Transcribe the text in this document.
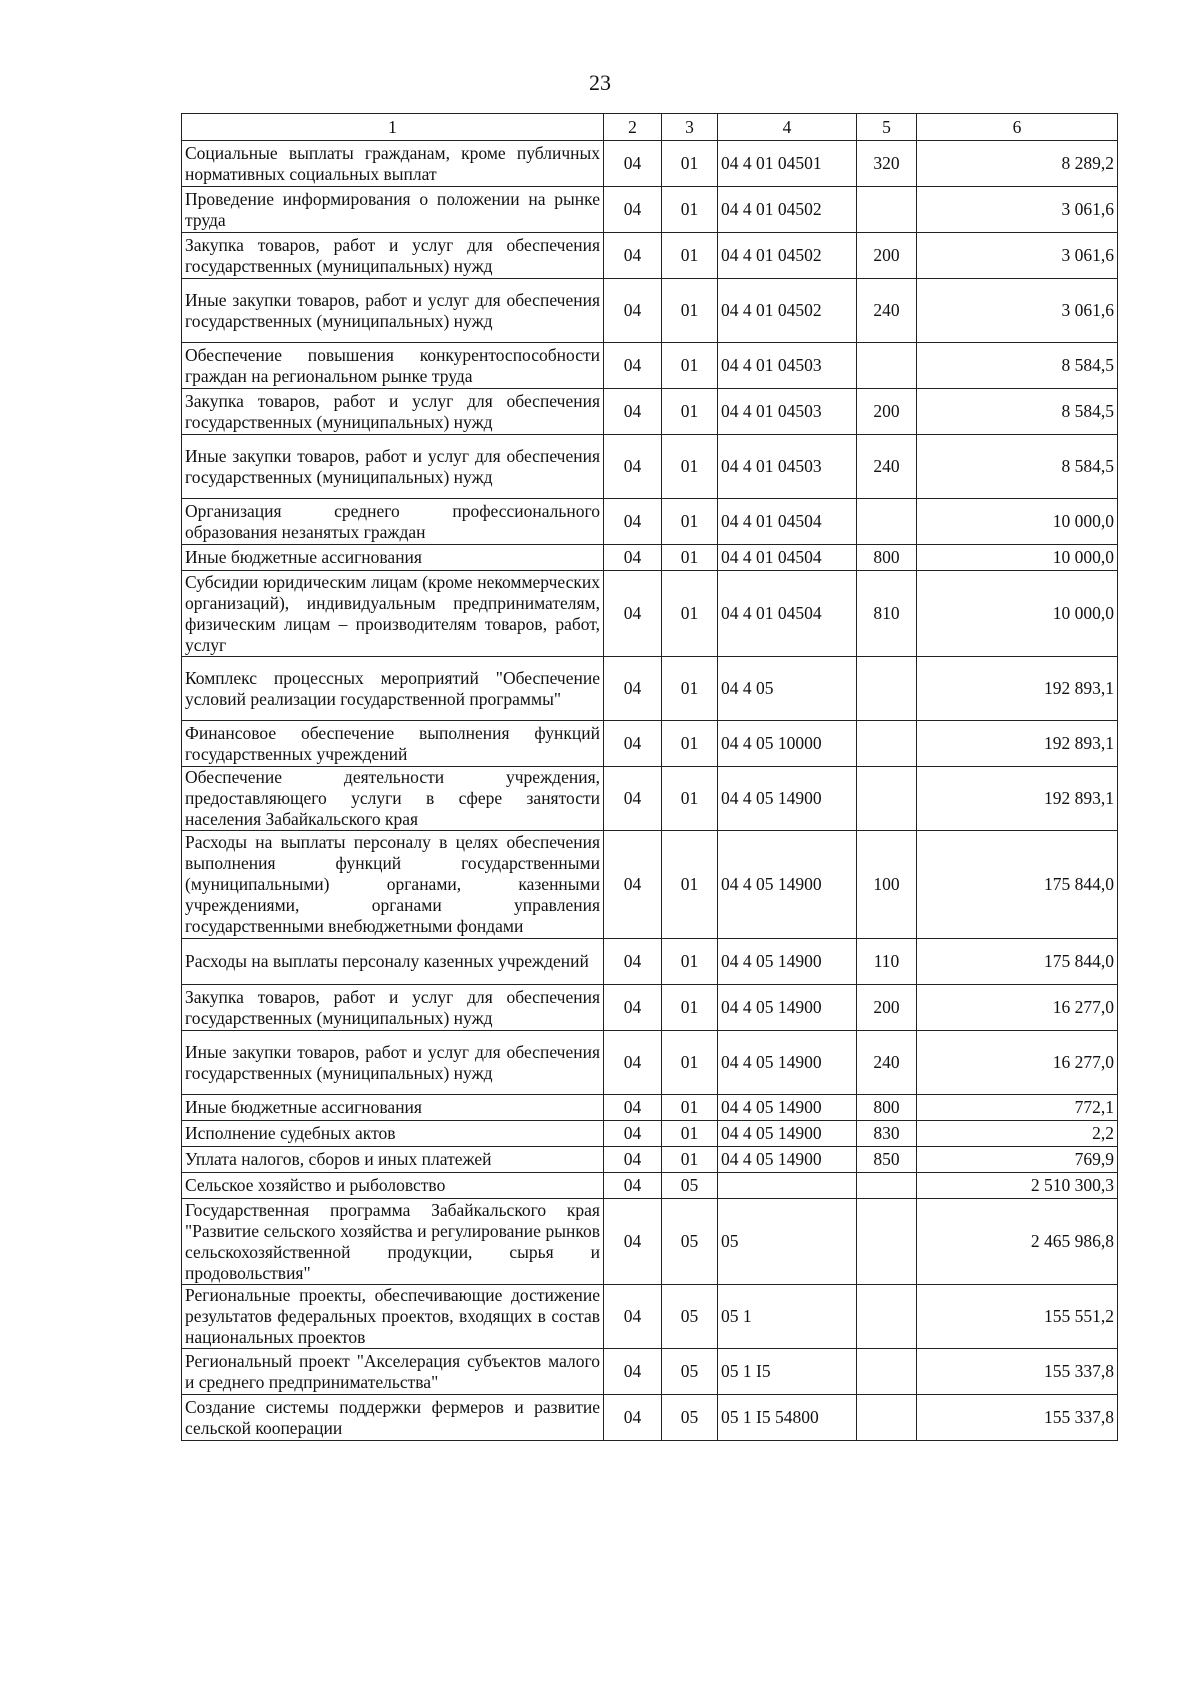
23
1	2	3	4	5	6
Социальные выплаты гражданам, кроме публичных нормативных социальных выплат	04	01	04 4 01 04501	320	8 289,2
Проведение информирования о положении на рынке труда	04	01	04 4 01 04502		3 061,6
Закупка товаров, работ и услуг для обеспечения государственных (муниципальных) нужд	04	01	04 4 01 04502	200	3 061,6
Иные закупки товаров, работ и услуг для обеспечения государственных (муниципальных) нужд	04	01	04 4 01 04502	240	3 061,6
Обеспечение повышения конкурентоспособности граждан на региональном рынке труда	04	01	04 4 01 04503		8 584,5
Закупка товаров, работ и услуг для обеспечения государственных (муниципальных) нужд	04	01	04 4 01 04503	200	8 584,5
Иные закупки товаров, работ и услуг для обеспечения государственных (муниципальных) нужд	04	01	04 4 01 04503	240	8 584,5
Организация среднего профессионального образования незанятых граждан	04	01	04 4 01 04504		10 000,0
Иные бюджетные ассигнования	04	01	04 4 01 04504	800	10 000,0
Субсидии юридическим лицам (кроме некоммерческих организаций), индивидуальным предпринимателям, физическим лицам – производителям товаров, работ, услуг	04	01	04 4 01 04504	810	10 000,0
Комплекс процессных мероприятий "Обеспечение условий реализации государственной программы"	04	01	04 4 05		192 893,1
Финансовое обеспечение выполнения функций государственных учреждений	04	01	04 4 05 10000		192 893,1
Обеспечение деятельности учреждения, предоставляющего услуги в сфере занятости населения Забайкальского края	04	01	04 4 05 14900		192 893,1
Расходы на выплаты персоналу в целях обеспечения выполнения функций государственными (муниципальными) органами, казенными учреждениями, органами управления государственными внебюджетными фондами	04	01	04 4 05 14900	100	175 844,0
Расходы на выплаты персоналу казенных учреждений	04	01	04 4 05 14900	110	175 844,0
Закупка товаров, работ и услуг для обеспечения государственных (муниципальных) нужд	04	01	04 4 05 14900	200	16 277,0
Иные закупки товаров, работ и услуг для обеспечения государственных (муниципальных) нужд	04	01	04 4 05 14900	240	16 277,0
Иные бюджетные ассигнования	04	01	04 4 05 14900	800	772,1
Исполнение судебных актов	04	01	04 4 05 14900	830	2,2
Уплата налогов, сборов и иных платежей	04	01	04 4 05 14900	850	769,9
Сельское хозяйство и рыболовство	04	05			2 510 300,3
Государственная программа Забайкальского края "Развитие сельского хозяйства и регулирование рынков сельскохозяйственной продукции, сырья и продовольствия"	04	05	05		2 465 986,8
Региональные проекты, обеспечивающие достижение результатов федеральных проектов, входящих в состав национальных проектов	04	05	05 1		155 551,2
Региональный проект "Акселерация субъектов малого и среднего предпринимательства"	04	05	05 1 I5		155 337,8
Создание системы поддержки фермеров и развитие сельской кооперации	04	05	05 1 I5 54800		155 337,8
